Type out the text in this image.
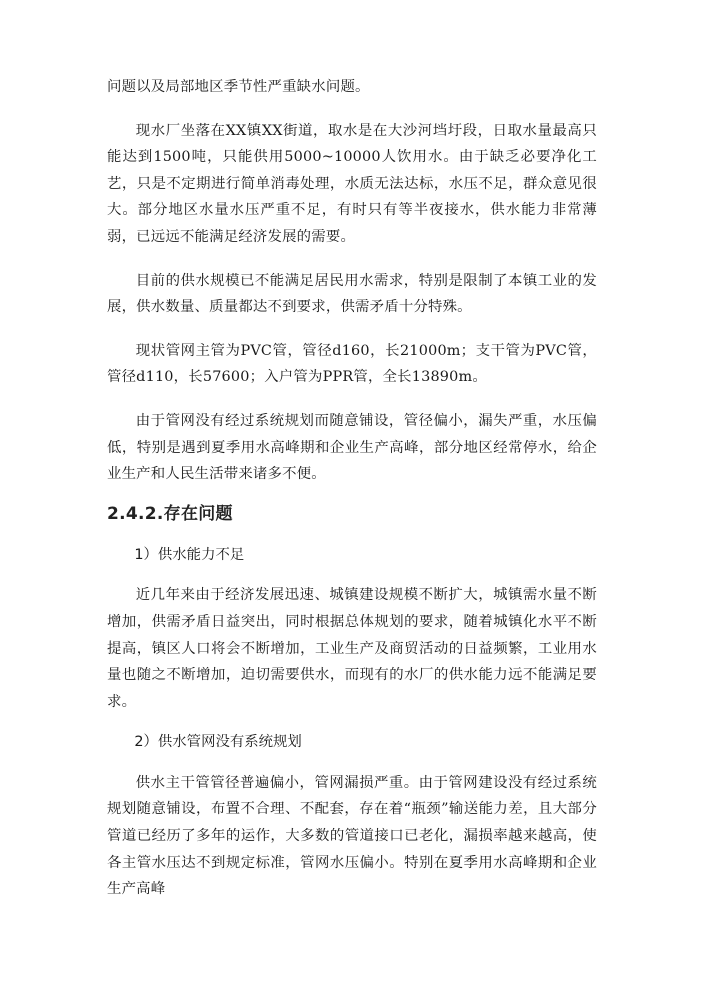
问题以及局部地区季节性严重缺水问题。

现水厂坐落在XX镇XX街道，取水是在大沙河垱圩段，日取水量最高只能达到1500吨，只能供用5000~10000人饮用水。由于缺乏必要净化工艺，只是不定期进行简单消毒处理，水质无法达标，水压不足，群众意见很大。部分地区水量水压严重不足，有时只有等半夜接水，供水能力非常薄弱，已远远不能满足经济发展的需要。

目前的供水规模已不能满足居民用水需求，特别是限制了本镇工业的发展，供水数量、质量都达不到要求，供需矛盾十分特殊。

现状管网主管为PVC管，管径d160，长21000m；支干管为PVC管，管径d110，长57600；入户管为PPR管，全长13890m。

由于管网没有经过系统规划而随意铺设，管径偏小，漏失严重，水压偏低，特别是遇到夏季用水高峰期和企业生产高峰，部分地区经常停水，给企业生产和人民生活带来诸多不便。

2.4.2.存在问题

1）供水能力不足

近几年来由于经济发展迅速、城镇建设规模不断扩大，城镇需水量不断增加，供需矛盾日益突出，同时根据总体规划的要求，随着城镇化水平不断提高，镇区人口将会不断增加，工业生产及商贸活动的日益频繁，工业用水量也随之不断增加，迫切需要供水，而现有的水厂的供水能力远不能满足要求。

2）供水管网没有系统规划

供水主干管管径普遍偏小，管网漏损严重。由于管网建设没有经过系统规划随意铺设，布置不合理、不配套，存在着“瓶颈”输送能力差，且大部分管道已经历了多年的运作，大多数的管道接口已老化，漏损率越来越高，使各主管水压达不到规定标准，管网水压偏小。特别在夏季用水高峰期和企业生产高峰
